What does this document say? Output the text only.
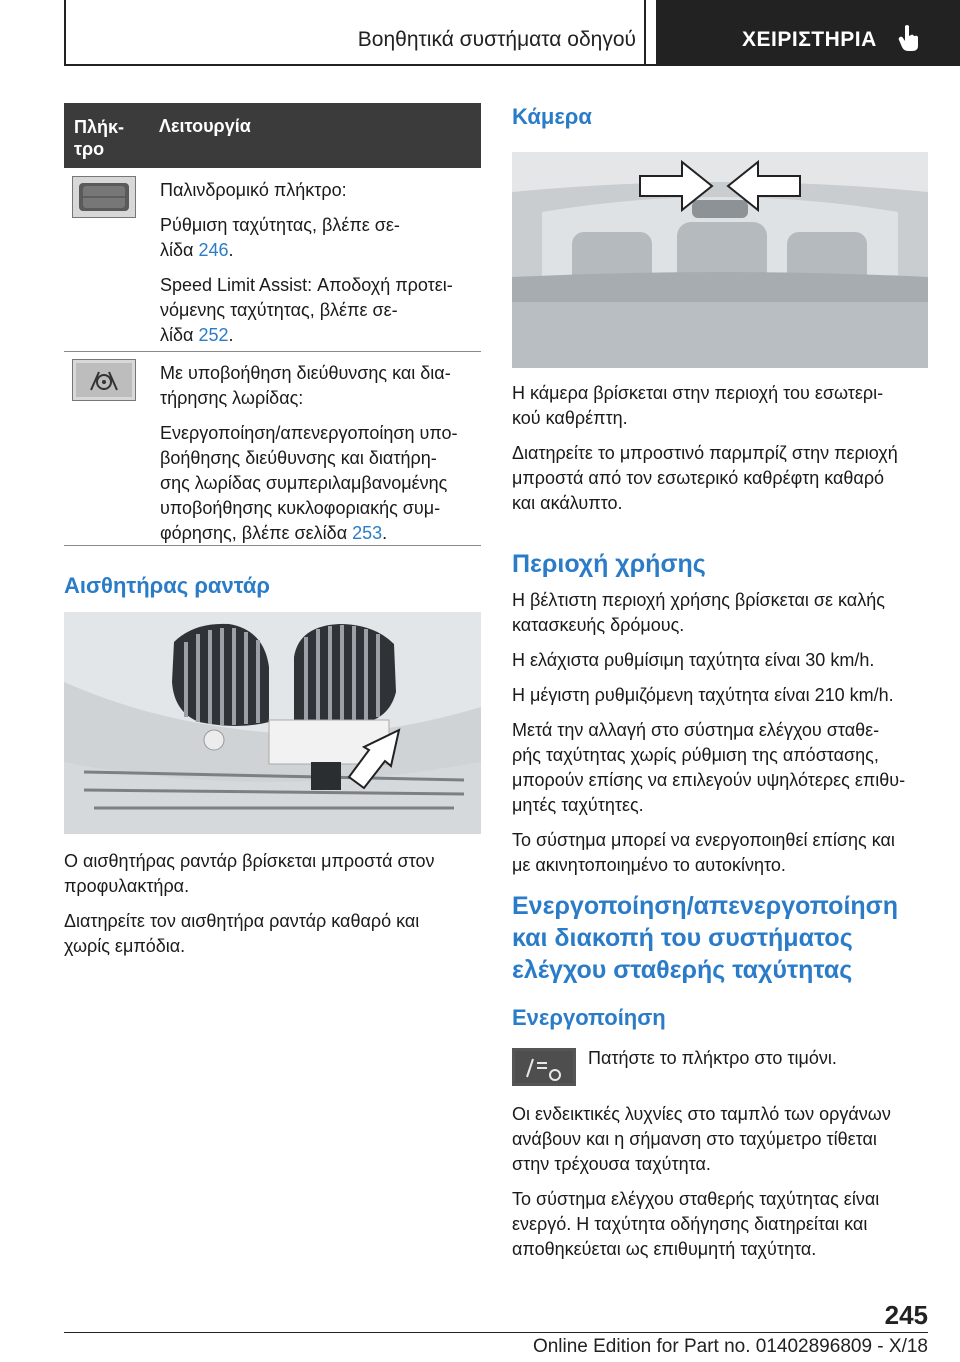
Βοηθητικά συστήματα οδηγού	ΧΕΙΡΙΣΤΗΡΙΑ
Πλήκ-
τρο
Λειτουργία

Παλινδρομικό πλήκτρο:

Ρύθμιση ταχύτητας, βλέπε σε-
λίδα 246.

Speed Limit Assist: Αποδοχή προτει-
νόμενης ταχύτητας, βλέπε σε-
λίδα 252.

Με υποβοήθηση διεύθυνσης και δια-
τήρησης λωρίδας:

Ενεργοποίηση/απενεργοποίηση υπο-
βοήθησης διεύθυνσης και διατήρη-
σης λωρίδας συμπεριλαμβανομένης
υποβοήθησης κυκλοφοριακής συμ-
φόρησης, βλέπε σελίδα 253.

Αισθητήρας ραντάρ

Ο αισθητήρας ραντάρ βρίσκεται μπροστά στον
προφυλακτήρα.

Διατηρείτε τον αισθητήρα ραντάρ καθαρό και
χωρίς εμπόδια.

Κάμερα

Η κάμερα βρίσκεται στην περιοχή του εσωτερι-
κού καθρέπτη.

Διατηρείτε το μπροστινό παρμπρίζ στην περιοχή
μπροστά από τον εσωτερικό καθρέφτη καθαρό
και ακάλυπτο.

Περιοχή χρήσης

Η βέλτιστη περιοχή χρήσης βρίσκεται σε καλής
κατασκευής δρόμους.

Η ελάχιστα ρυθμίσιμη ταχύτητα είναι 30 km/h.

Η μέγιστη ρυθμιζόμενη ταχύτητα είναι 210 km/h.

Μετά την αλλαγή στο σύστημα ελέγχου σταθε-
ρής ταχύτητας χωρίς ρύθμιση της απόστασης,
μπορούν επίσης να επιλεγούν υψηλότερες επιθυ-
μητές ταχύτητες.

Το σύστημα μπορεί να ενεργοποιηθεί επίσης και
με ακινητοποιημένο το αυτοκίνητο.

Ενεργοποίηση/απενεργοποίηση
και διακοπή του συστήματος
ελέγχου σταθερής ταχύτητας
Ενεργοποίηση
Πατήστε το πλήκτρο στο τιμόνι.

Οι ενδεικτικές λυχνίες στο ταμπλό των οργάνων
ανάβουν και η σήμανση στο ταχύμετρο τίθεται
στην τρέχουσα ταχύτητα.

Το σύστημα ελέγχου σταθερής ταχύτητας είναι
ενεργό. Η ταχύτητα οδήγησης διατηρείται και
αποθηκεύεται ως επιθυμητή ταχύτητα.

245
Online Edition for Part no. 01402896809 - X/18
